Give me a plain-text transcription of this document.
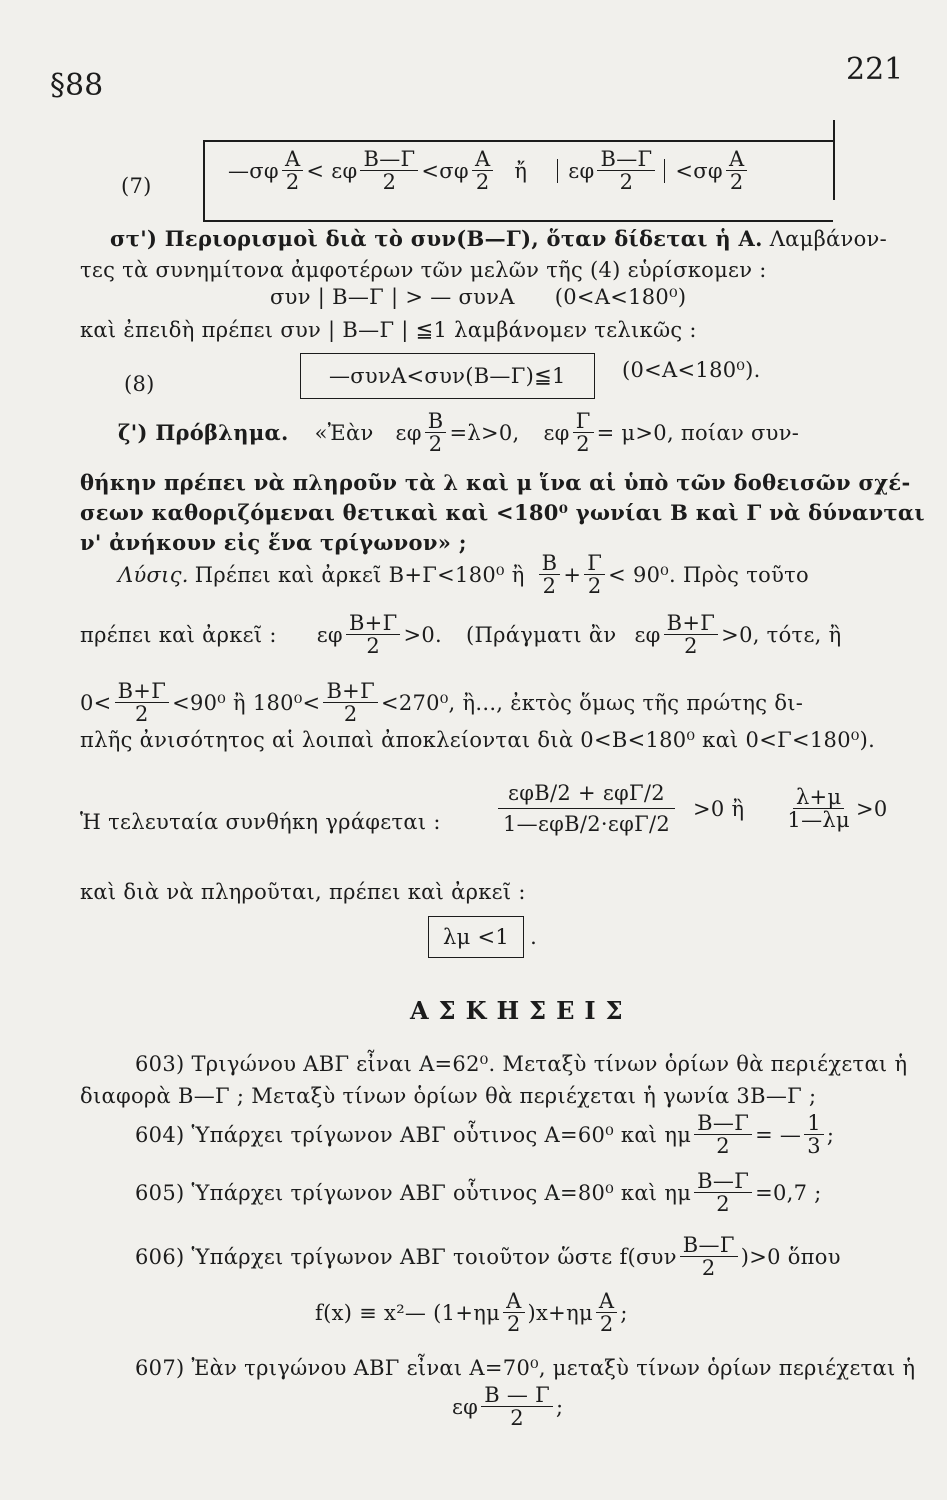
§88	221
(7)
—σφ $\frac{A}{2} < \varepsilon\varphi \frac{B—\Gamma}{2} <\sigma\varphi \frac{A}{2}$ ἤ	εφ $\frac{B—\Gamma}{2} <\sigma\varphi \frac{A}{2}$
στ') Περιορισμοὶ διὰ τὸ συν(B—Γ), ὅταν δίδεται ἡ A. Λαμβάνον-
τες τὰ συνημίτονα ἀμφοτέρων τῶν μελῶν τῆς (4) εὑρίσκομεν :
συν | B—Γ | > — συνA (0<A<180⁰)
καὶ ἐπειδὴ πρέπει συν | B—Γ | ≦1 λαμβάνομεν τελικῶς :
(8)	—συνA<συν(B—Γ)≦1	(0<A<180⁰).
ζ') Πρόβλημα. «Ἐὰν εφ $\frac{B}{2} =\lambda>0$, εφ $\frac{\Gamma}{2} = \mu>0$, ποίαν συν-
θήκην πρέπει νὰ πληροῦν τὰ λ καὶ μ ἵνα αἱ ὑπὸ τῶν δοθεισῶν σχέ-
σεων καθοριζόμεναι θετικαὶ καὶ <180⁰ γωνίαι B καὶ Γ νὰ δύνανται
ν' ἀνήκουν εἰς ἕνα τρίγωνον» ;
Λύσις. Πρέπει καὶ ἀρκεῖ B+Γ<180⁰ ἢ $\frac{B}{2} + \frac{\Gamma}{2} < 90^0$. Πρὸς τοῦτο
πρέπει καὶ ἀρκεῖ : εφ $\frac{B+\Gamma}{2} >0$. (Πράγματι ἂν εφ $\frac{B+\Gamma}{2} >0$, τότε, ἢ
$0< \frac{B+\Gamma}{2} <90^0$ ἢ $180^0< \frac{B+\Gamma}{2} <270^0$, ἢ..., ἐκτὸς ὅμως τῆς πρώτης δι-
πλῆς ἀνισότητος αἱ λοιπαὶ ἀποκλείονται διὰ 0<B<180⁰ καὶ 0<Γ<180⁰).
Ἡ τελευταία συνθήκη γράφεται : $\frac{\text{εφB/2 + εφΓ/2}}{\text{1—εφB/2·εφΓ/2}} >0$ ἢ $\frac{\lambda+\mu}{1—\lambda\mu} >0$
καὶ διὰ νὰ πληροῦται, πρέπει καὶ ἀρκεῖ :
λμ <1	.
ΑΣΚΗΣΕΙΣ
603) Τριγώνου ΑΒΓ εἶναι A=62⁰. Μεταξὺ τίνων ὁρίων θὰ περιέχεται ἡ
διαφορὰ B—Γ ; Μεταξὺ τίνων ὁρίων θὰ περιέχεται ἡ γωνία 3B—Γ ;
604) Ὑπάρχει τρίγωνον ΑΒΓ οὗτινος A=60⁰ καὶ ημ $\frac{B—\Gamma}{2}$ = — $\frac{1}{3}$ ;
605) Ὑπάρχει τρίγωνον ΑΒΓ οὗτινος A=80⁰ καὶ ημ $\frac{B—\Gamma}{2} =0,7$ ;
606) Ὑπάρχει τρίγωνον ΑΒΓ τοιοῦτον ὥστε $f(\sigma\upsilon\nu \frac{B—\Gamma}{2} )>0$ ὅπου
f(x) ≡ x²— $(1+\eta\mu \frac{A}{2} )x+\eta\mu \frac{A}{2}$ ;
607) Ἐὰν τριγώνου ΑΒΓ εἶναι A=70⁰, μεταξὺ τίνων ὁρίων περιέχεται ἡ
εφ $\frac{B — \Gamma}{2}$ ;
